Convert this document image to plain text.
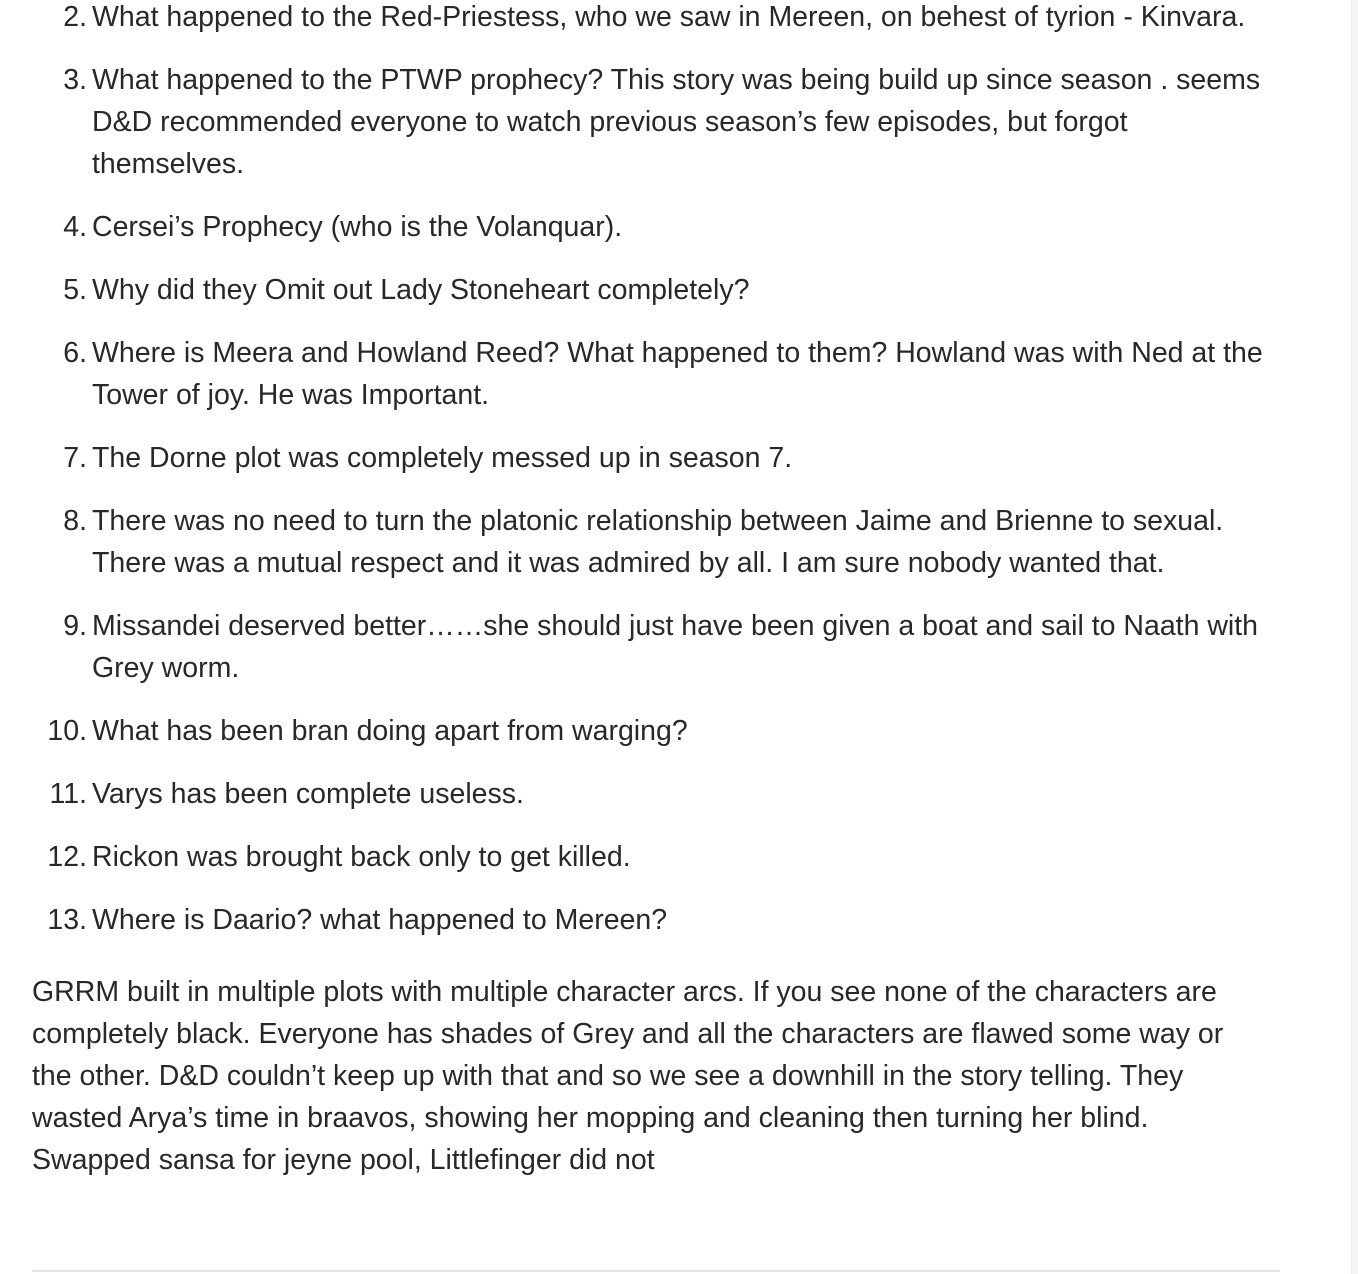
2. What happened to the Red-Priestess, who we saw in Mereen, on behest of tyrion - Kinvara.
3. What happened to the PTWP prophecy? This story was being build up since season . seems D&D recommended everyone to watch previous season’s few episodes, but forgot themselves.
4. Cersei’s Prophecy (who is the Volanquar).
5. Why did they Omit out Lady Stoneheart completely?
6. Where is Meera and Howland Reed? What happened to them? Howland was with Ned at the Tower of joy. He was Important.
7. The Dorne plot was completely messed up in season 7.
8. There was no need to turn the platonic relationship between Jaime and Brienne to sexual. There was a mutual respect and it was admired by all. I am sure nobody wanted that.
9. Missandei deserved better……she should just have been given a boat and sail to Naath with Grey worm.
10. What has been bran doing apart from warging?
11. Varys has been complete useless.
12. Rickon was brought back only to get killed.
13. Where is Daario? what happened to Mereen?

GRRM built in multiple plots with multiple character arcs. If you see none of the characters are completely black. Everyone has shades of Grey and all the characters are flawed some way or the other. D&D couldn’t keep up with that and so we see a downhill in the story telling. They wasted Arya’s time in braavos, showing her mopping and cleaning then turning her blind. Swapped sansa for jeyne pool, Littlefinger did not
